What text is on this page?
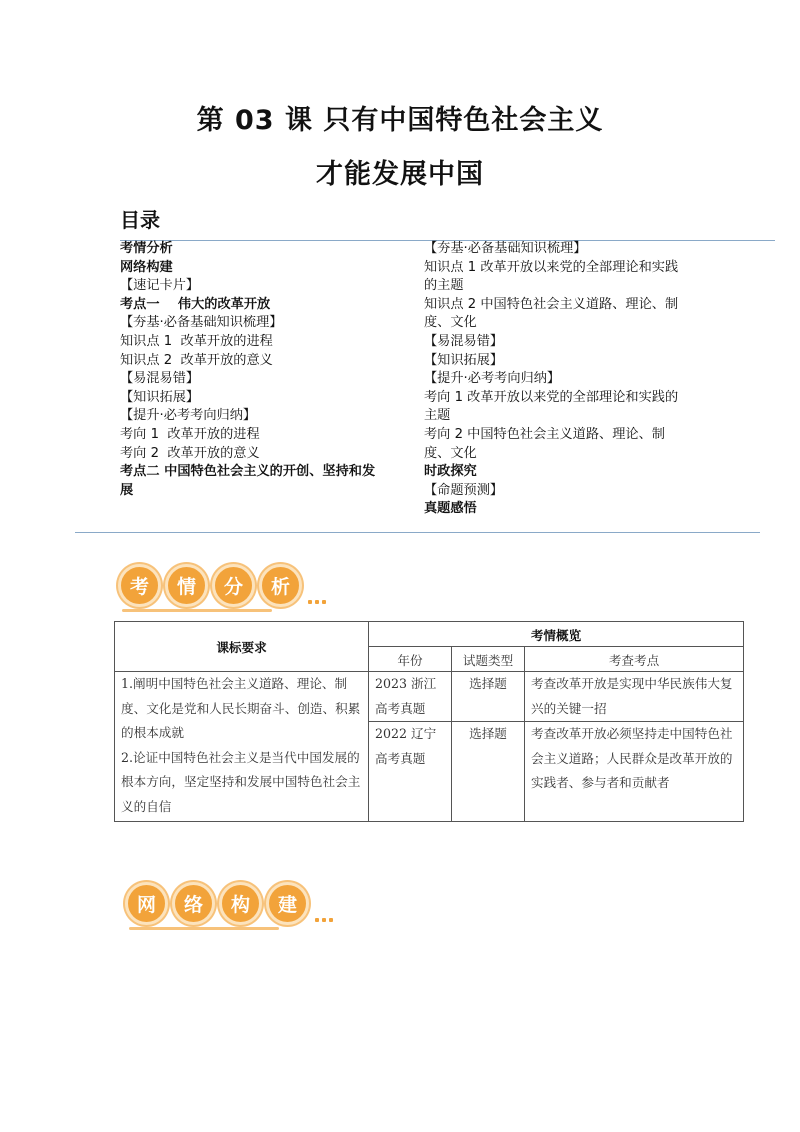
第 03 课 只有中国特色社会主义
才能发展中国
目录
考情分析
网络构建
【速记卡片】
考点一    伟大的改革开放
【夯基·必备基础知识梳理】
知识点 1  改革开放的进程
知识点 2  改革开放的意义
【易混易错】
【知识拓展】
【提升·必考考向归纳】
考向 1  改革开放的进程
考向 2  改革开放的意义
考点二 中国特色社会主义的开创、坚持和发展
【夯基·必备基础知识梳理】
知识点 1 改革开放以来党的全部理论和实践的主题
知识点 2 中国特色社会主义道路、理论、制度、文化
【易混易错】
【知识拓展】
【提升·必考考向归纳】
考向 1 改革开放以来党的全部理论和实践的主题
考向 2 中国特色社会主义道路、理论、制度、文化
时政探究
【命题预测】
真题感悟
考	情	分	析
课标要求	考情概览		
	年份	试题类型	考查考点

1.阐明中国特色社会主义道路、理论、制度、文化是党和人民长期奋斗、创造、积累的根本成就
2.论证中国特色社会主义是当代中国发展的根本方向，坚定坚持和发展中国特色社会主义的自信	2023 浙江高考真题	选择题	考查改革开放是实现中华民族伟大复兴的关键一招
	2022 辽宁高考真题	选择题	考查改革开放必须坚持走中国特色社会主义道路；人民群众是改革开放的实践者、参与者和贡献者
网	络	构	建
